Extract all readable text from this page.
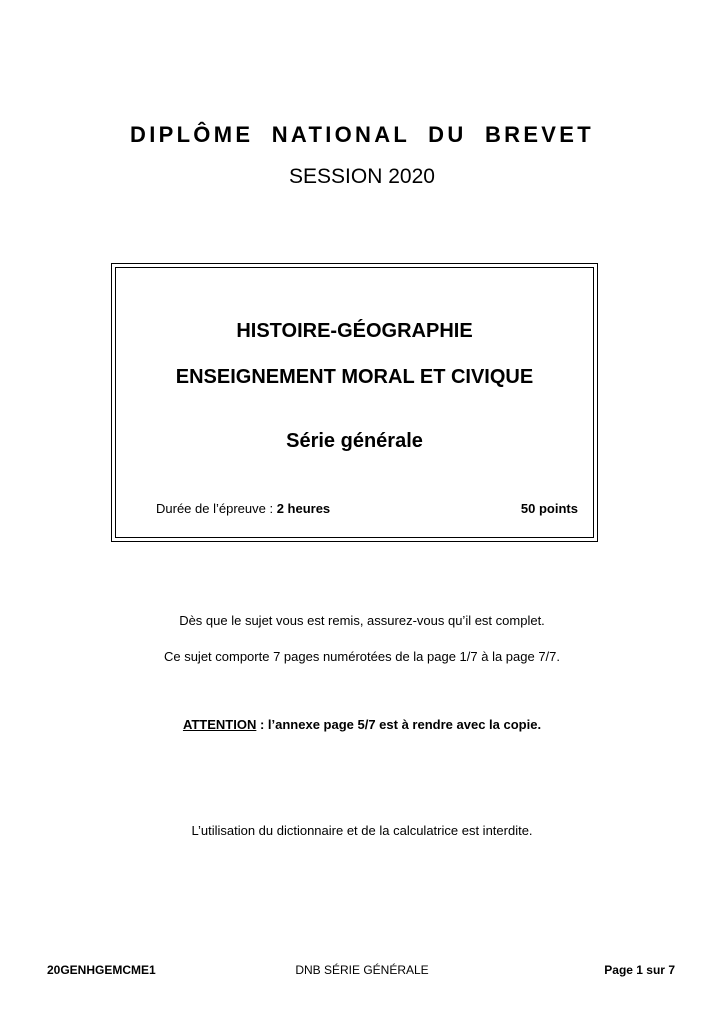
DIPLÔME NATIONAL DU BREVET
SESSION 2020
HISTOIRE-GÉOGRAPHIE
ENSEIGNEMENT MORAL ET CIVIQUE
Série générale
Durée de l’épreuve : 2 heures	50 points
Dès que le sujet vous est remis, assurez-vous qu’il est complet.
Ce sujet comporte 7 pages numérotées de la page 1/7 à la page 7/7.
ATTENTION : l’annexe page 5/7 est à rendre avec la copie.
L’utilisation du dictionnaire et de la calculatrice est interdite.
DNB SÉRIE GÉNÉRALE
20GENHGEMCME1	Page 1 sur 7
